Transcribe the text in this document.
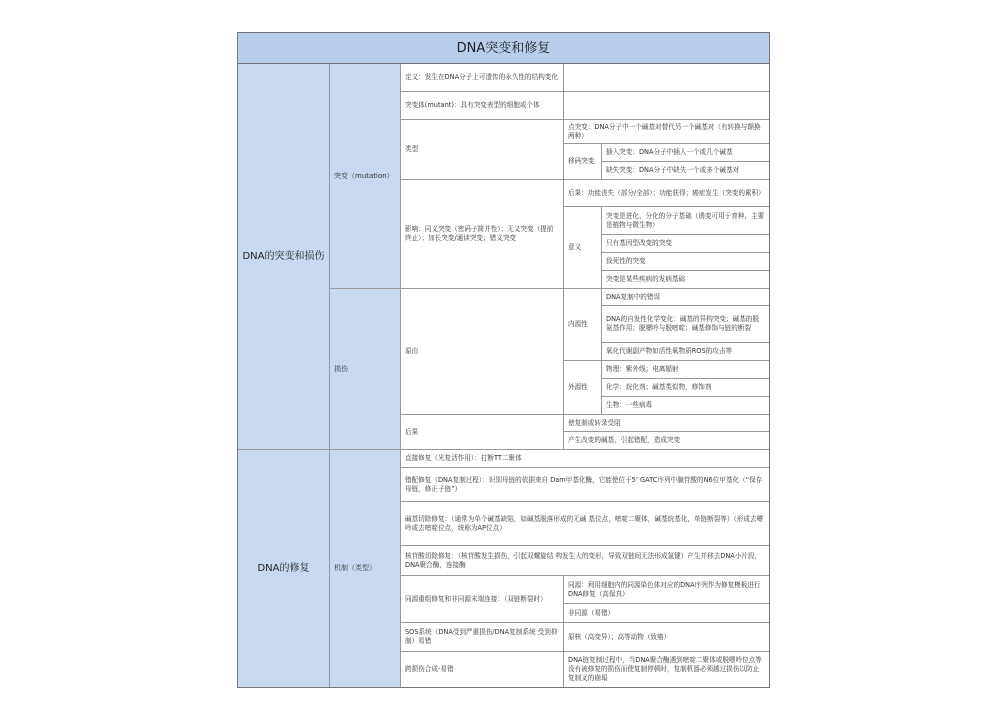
DNA突变和修复
DNA的突变和损伤
突变（mutation）
定义：发生在DNA分子上可遗传的永久性的结构变化
突变体(mutant)：具有突变表型的细胞或个体
类型
点突变：DNA分子中一个碱基对替代另一个碱基对（有转换与颠换两种）
移码突变
插入突变：DNA分子中插入一个或几个碱基
缺失突变：DNA分子中缺失一个或多个碱基对
影响：同义突变（密码子简并性）；无义突变（提前终止）；加长突变/通读突变；错义突变
后果：功能丧失（部分/全部）；功能获得；癌症发生（突变的累积）
意义
突变是进化、分化的分子基础（诱变可用于育种，主要是植物与微生物）
只有基因型改变的突变
致死性的突变
突变是某些疾病的发病基础
损伤
原由
内源性
DNA复制中的错误
DNA的自发性化学变化：碱基的异构突变；碱基的脱氨基作用；脱嘌呤与脱嘧啶；碱基修饰与链的断裂
氧化代谢副产物如活性氧物质ROS的攻击等
外源性
物理：紫外线；电离辐射
化学：烷化剂；碱基类似物，修饰剂
生物：一些病毒
后果
使复制或转录受阻
产生改变的碱基，引起错配，造成突变
DNA的修复	机制（类型）
直接修复（光复活作用）：打断TT二聚体
错配修复（DNA复制过程）：识别母链的依据来自 Dam甲基化酶，它能使位于5’ GATC序列中腺苷酸的N6位甲基化（“保存母链，修正子链”）
碱基切除修复：（通常为单个碱基缺陷，如碱基脱落形成的无碱 基位点，嘧啶二聚体，碱基烷基化，单链断裂等）（形成去嘌呤或去嘧啶位点，统称为AP位点）
核苷酸切除修复：（核苷酸发生损伤，引起双螺旋结 构发生大的变形，导致双链间无法形成氢键）产生并移去DNA小片段，DNA聚合酶，连接酶
同源重组修复和非同源末端连接：（双链断裂时）
同源：利用细胞内的同源染色体对应的DNA序列作为修复模板进行DNA修复（高保真）
非同源（易错）
SOS系统（DNA受到严重损伤/DNA复制系统 受到抑制）易错
原核（高变异）；高等动物（致癌）
跨损伤合成-易错
DNA链复制过程中，当DNA聚合酶遇到嘧啶二聚体或脱嘌呤位点等没有被修复的损伤而使复制停顿时，复制机器必须越过损伤以防止复制叉的崩塌
